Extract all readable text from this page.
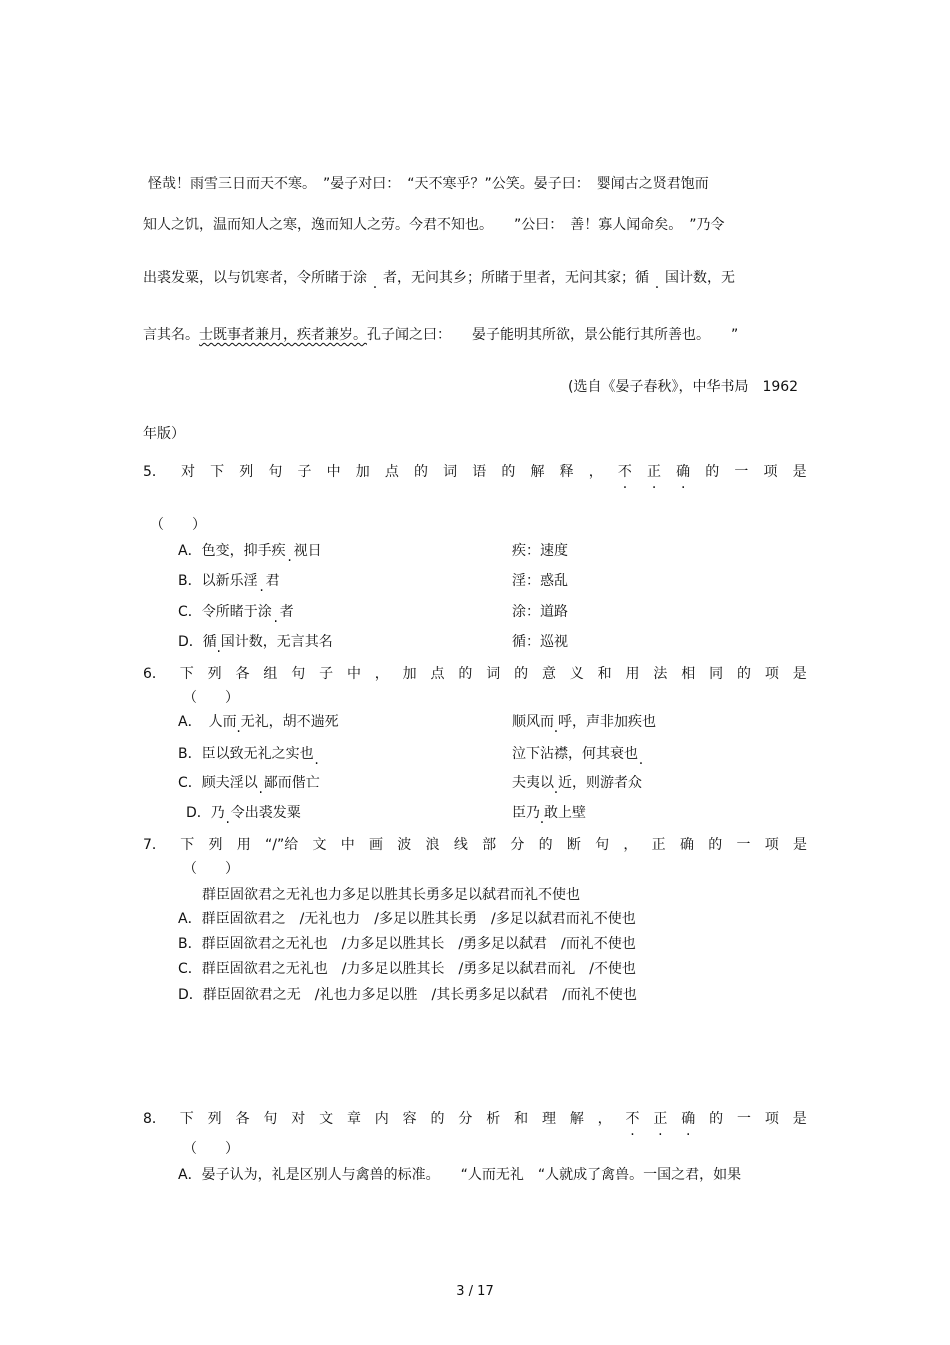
怪哉！雨雪三日而天不寒。　”晏子对曰：　“天不寒乎？”公笑。晏子曰：　婴闻古之贤君饱而
知人之饥，温而知人之寒，逸而知人之劳。今君不知也。　　”公曰：　善！寡人闻命矣。　”乃令
出裘发粟，以与饥寒者，令所睹于涂 者，无问其乡；所睹于里者，无问其家；循 国计数，无
言其名。士既事者兼月，疾者兼岁。孔子闻之曰：　　晏子能明其所欲，景公能行其所善也。　　”
(选自《晏子春秋》，中华书局　1962
年版）
5． 对 下 列 句 子 中 加 点 的 词 语 的 解 释 ， 不 . 正 . 确 . 的 一 项 是
（　　）
A．色变，抑手疾 视日	疾：速度
B．以新乐淫 君	淫：惑乱
C．令所睹于涂 者	涂：道路
D．循 国计数，无言其名	循：巡视
6． 下 列 各 组 句 子 中 ， 加 点 的 词 的 意 义 和 用 法 相 同 的 项 是
（　　）
A．　人而 无礼，胡不遄死	顺风而 呼，声非加疾也
B．臣以致无礼之实也	泣下沾襟，何其衰也
C．顾夫淫以 鄙而偕亡	夫夷以 近，则游者众
D．乃 令出裘发粟	臣乃 敢上壁
7． 下 列 用 “/”给 文 中 画 波 浪 线 部 分 的 断 句 ， 正 确 的 一 项 是
（　　）
群臣固欲君之无礼也力多足以胜其长勇多足以弑君而礼不使也
A．群臣固欲君之　/无礼也力　/多足以胜其长勇　/多足以弑君而礼不使也
B．群臣固欲君之无礼也　/力多足以胜其长　/勇多足以弑君　/而礼不使也
C．群臣固欲君之无礼也　/力多足以胜其长　/勇多足以弑君而礼　/不使也
D．群臣固欲君之无　/礼也力多足以胜　/其长勇多足以弑君　/而礼不使也
8． 下 列 各 句 对 文 章 内 容 的 分 析 和 理 解 ， 不 . 正 . 确 . 的 一 项 是
（　　）
A．晏子认为，礼是区别人与禽兽的标准。　　“人而无礼　“人就成了禽兽。一国之君，如果
3 / 17
